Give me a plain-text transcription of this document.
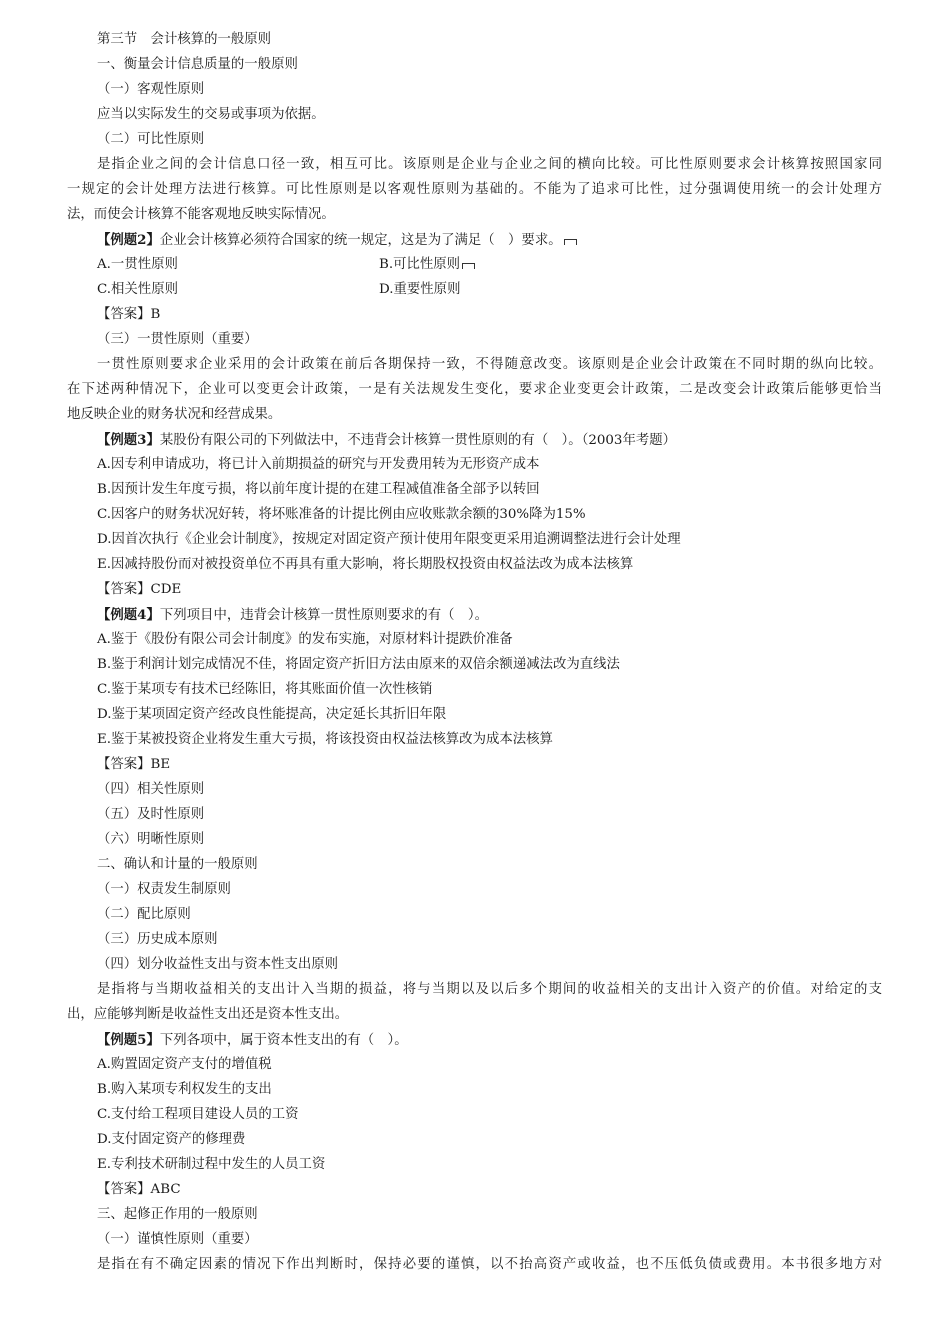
第三节　会计核算的一般原则
一、衡量会计信息质量的一般原则
（一）客观性原则
应当以实际发生的交易或事项为依据。
（二）可比性原则
是指企业之间的会计信息口径一致，相互可比。该原则是企业与企业之间的横向比较。可比性原则要求会计核算按照国家同
一规定的会计处理方法进行核算。可比性原则是以客观性原则为基础的。不能为了追求可比性，过分强调使用统一的会计处理方
法，而使会计核算不能客观地反映实际情况。
【例题2】企业会计核算必须符合国家的统一规定，这是为了满足（　）要求。
A.一贯性原则	B.可比性原则
C.相关性原则	D.重要性原则
【答案】B
（三）一贯性原则（重要）
一贯性原则要求企业采用的会计政策在前后各期保持一致，不得随意改变。该原则是企业会计政策在不同时期的纵向比较。
在下述两种情况下，企业可以变更会计政策，一是有关法规发生变化，要求企业变更会计政策，二是改变会计政策后能够更恰当
地反映企业的财务状况和经营成果。
【例题3】某股份有限公司的下列做法中，不违背会计核算一贯性原则的有（　）。（2003年考题）
A.因专利申请成功，将已计入前期损益的研究与开发费用转为无形资产成本
B.因预计发生年度亏损，将以前年度计提的在建工程减值准备全部予以转回
C.因客户的财务状况好转，将坏账准备的计提比例由应收账款余额的30%降为15%
D.因首次执行《企业会计制度》，按规定对固定资产预计使用年限变更采用追溯调整法进行会计处理
E.因减持股份而对被投资单位不再具有重大影响，将长期股权投资由权益法改为成本法核算
【答案】CDE
【例题4】下列项目中，违背会计核算一贯性原则要求的有（　）。
A.鉴于《股份有限公司会计制度》的发布实施，对原材料计提跌价准备
B.鉴于利润计划完成情况不佳，将固定资产折旧方法由原来的双倍余额递减法改为直线法
C.鉴于某项专有技术已经陈旧，将其账面价值一次性核销
D.鉴于某项固定资产经改良性能提高，决定延长其折旧年限
E.鉴于某被投资企业将发生重大亏损，将该投资由权益法核算改为成本法核算
【答案】BE
（四）相关性原则
（五）及时性原则
（六）明晰性原则
二、确认和计量的一般原则
（一）权责发生制原则
（二）配比原则
（三）历史成本原则
（四）划分收益性支出与资本性支出原则
是指将与当期收益相关的支出计入当期的损益，将与当期以及以后多个期间的收益相关的支出计入资产的价值。对给定的支
出，应能够判断是收益性支出还是资本性支出。
【例题5】下列各项中，属于资本性支出的有（　）。
A.购置固定资产支付的增值税
B.购入某项专利权发生的支出
C.支付给工程项目建设人员的工资
D.支付固定资产的修理费
E.专利技术研制过程中发生的人员工资
【答案】ABC
三、起修正作用的一般原则
（一）谨慎性原则（重要）
是指在有不确定因素的情况下作出判断时，保持必要的谨慎，以不抬高资产或收益，也不压低负债或费用。本书很多地方对
